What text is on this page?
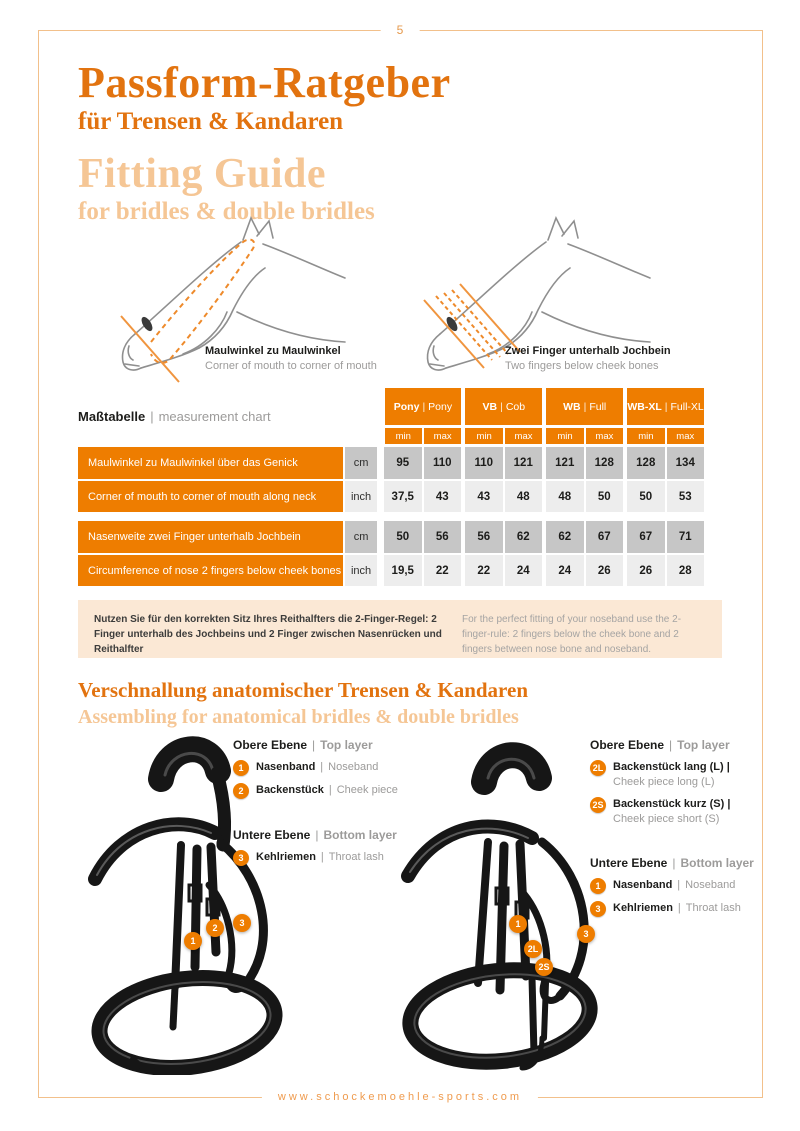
5
Passform-Ratgeber
für Trensen & Kandaren
Fitting Guide
for bridles & double bridles
Maulwinkel zu Maulwinkel
Corner of mouth to corner of mouth
Zwei Finger unterhalb Jochbein
Two fingers below cheek bones
Maßtabelle | measurement chart
Pony | Pony
min	max
VB | Cob
min	max
WB | Full
min	max
WB-XL | Full-XL
min	max
Maulwinkel zu Maulwinkel über das Genick	cm	95	110	110	121	121	128	128	134
Corner of mouth to corner of mouth along neck	inch	37,5	43	43	48	48	50	50	53
Nasenweite zwei Finger unterhalb Jochbein	cm	50	56	56	62	62	67	67	71
Circumference of nose 2 fingers below cheek bones inch	19,5	22	22	24	24	26	26	28
Nutzen Sie für den korrekten Sitz Ihres Reithalfters die 2-Finger-Regel: 2 Finger unterhalb des Jochbeins und 2 Finger zwischen Nasenrücken und Reithalfter
For the perfect fitting of your noseband use the 2-finger-rule: 2 fingers below the cheek bone and 2 fingers between nose bone and noseband.
Verschnallung anatomischer Trensen & Kandaren
Assembling for anatomical bridles & double bridles
Obere Ebene | Top layer
1	Nasenband | Noseband
2	Backenstück | Cheek piece
Untere Ebene | Bottom layer
3	Kehlriemen | Throat lash
Obere Ebene | Top layer
2L Backenstück lang (L) |
Cheek piece long (L)
2S Backenstück kurz (S) |
Cheek piece short (S)
Untere Ebene | Bottom layer
1	Nasenband | Noseband
3	Kehlriemen | Throat lash
1
2	3	1
2L
2S
3
www.schockemoehle-sports.com
